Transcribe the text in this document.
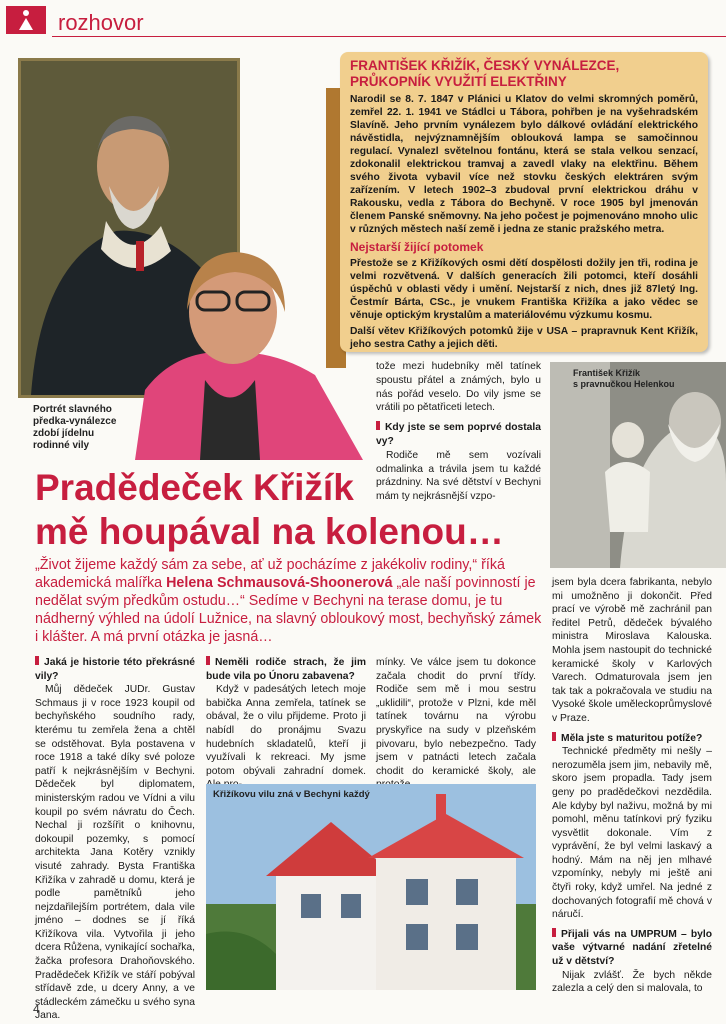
rozhovor
Portrét slavného předka-vynálezce zdobí jídelnu rodinné vily
FRANTIŠEK KŘIŽÍK, ČESKÝ VYNÁLEZCE,
PRŮKOPNÍK VYUŽITÍ ELEKTŘINY

Narodil se 8. 7. 1847 v Plánici u Klatov do velmi skromných poměrů, zemřel 22. 1. 1941 ve Stádlci u Tábora, pohřben je na vyšehradském Slavíně. Jeho prvním vynálezem bylo dálkové ovládání elektrického návěstidla, nejvýznamnějším oblouková lampa se samočinnou regulací. Vynalezl světelnou fontánu, která se stala velkou senzací, zdokonalil elektrickou tramvaj a zavedl vlaky na elektřinu. Během svého života vybavil více než stovku českých elektráren svým zařízením. V letech 1902–3 zbudoval první elektrickou dráhu v Rakousku, vedla z Tábora do Bechyně. V roce 1905 byl jmenován členem Panské sněmovny. Na jeho počest je pojmenováno mnoho ulic v různých městech naší země i jedna ze stanic pražského metra.

Nejstarší žijící potomek

Přestože se z Křižíkových osmi dětí dospělosti dožily jen tři, rodina je velmi rozvětvená. V dalších generacích žili potomci, kteří dosáhli úspěchů v oblasti vědy i umění. Nejstarší z nich, dnes již 87letý Ing. Čestmír Bárta, CSc., je vnukem Františka Křižíka a jako vědec se věnuje optickým krystalům a materiálovému výzkumu kosmu.

Další větev Křižíkových potomků žije v USA – prapravnuk Kent Křižík, jeho sestra Cathy a jejich děti.

tože mezi hudebníky měl tatínek spoustu přátel a známých, bylo u nás pořád veselo. Do vily jsme se vrátili po pětatřiceti letech.

Kdy jste se sem poprvé dostala vy?

Rodiče mě sem vozívali odmalinka a trávila jsem tu každé prázdniny. Na své dětství v Bechyni mám ty nejkrásnější vzpo-

František Křižík
s pravnučkou Helenkou
Pradědeček Křižík
mě houpával na kolenou…
„Život žijeme každý sám za sebe, ať už pocházíme z jakékoliv rodiny,“ říká akademická malířka Helena Schmausová-Shoonerová „ale naší povinností je nedělat svým předkům ostudu…“ Sedíme v Bechyni na terase domu, je tu nádherný výhled na údolí Lužnice, na slavný obloukový most, bechyňský zámek i klášter. A má první otázka je jasná…

Jaká je historie této překrásné vily?

Můj dědeček JUDr. Gustav Schmaus ji v roce 1923 koupil od bechyňského soudního rady, kterému tu zemřela žena a chtěl se odstěhovat. Byla postavena v roce 1918 a také díky své poloze patří k nejkrásnějším v Bechyni. Dědeček byl diplomatem, ministerským radou ve Vídni a vilu koupil po svém návratu do Čech. Nechal ji rozšířit o knihovnu, dokoupil pozemky, s pomocí architekta Jana Kotěry vznikly visuté zahrady. Bysta Františka Křižíka v zahradě u domu, která je podle pamětníků jeho nejzdařilejším portrétem, dala vile jméno – dodnes se jí říká Křižíkova vila. Vytvořila ji jeho dcera Růžena, vynikající sochařka, žačka profesora Drahoňovského. Pradědeček Křižík ve stáří pobýval střídavě zde, u dcery Anny, a ve stádleckém zámečku u svého syna Jana.

Neměli rodiče strach, že jim bude vila po Únoru zabavena?

Když v padesátých letech moje babička Anna zemřela, tatínek se obával, že o vilu přijdeme. Proto ji nabídl do pronájmu Svazu hudebních skladatelů, kteří ji využívali k rekreaci. My jsme potom obývali zahradní domek.

mínky. Ve válce jsem tu dokonce začala chodit do první třídy. Rodiče sem mě i mou sestru „uklidili“, protože v Plzni, kde měl tatínek továrnu na výrobu pryskyřice na sudy v plzeňském pivovaru, bylo nebezpečno. Tady jsem v patnácti letech začala chodit do keramické školy, ale

Křižíkovu vilu zná v Bechyni každý

jsem byla dcera fabrikanta, nebylo mi umožněno ji dokončit. Před prací ve výrobě mě zachránil pan ředitel Petrů, dědeček bývalého ministra Miroslava Kalouska. Mohla jsem nastoupit do technické keramické školy v Karlových Varech. Odmaturovala jsem jen tak tak a pokračovala ve studiu na Vysoké škole uměleckoprůmyslové v Praze.

Měla jste s maturitou potíže?

Technické předměty mi nešly – nerozuměla jsem jim, nebavily mě, skoro jsem propadla. Tady jsem geny po pradědečkovi nezdědila. Ale kdyby byl naživu, možná by mi pomohl, měnu tatínkovi prý fyziku vysvětlit dokonale. Vím z vyprávění, že byl velmi laskavý a hodný. Mám na něj jen mlhavé vzpomínky, nebyly mi ještě ani čtyři roky, když umřel. Na jedné z dochovaných fotografií mě chová v náručí.

Přijali vás na UMPRUM – bylo vaše výtvarné nadání zřetelné už v dětství?

Nijak zvlášť. Že bych někde zalezla a celý den si malovala, to

4
